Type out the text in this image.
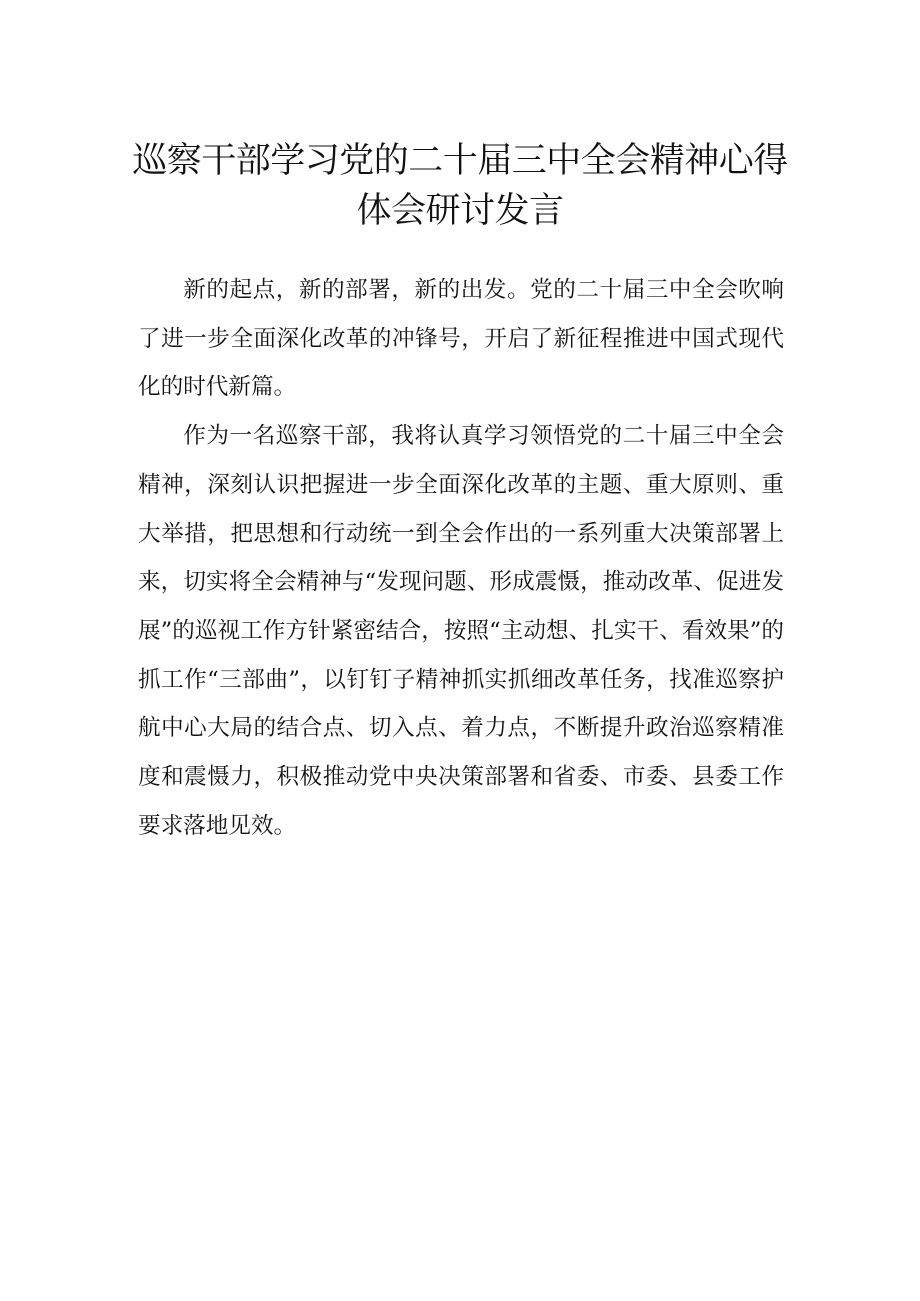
巡察干部学习党的二十届三中全会精神心得体会研讨发言

新的起点，新的部署，新的出发。党的二十届三中全会吹响了进一步全面深化改革的冲锋号，开启了新征程推进中国式现代化的时代新篇。

作为一名巡察干部，我将认真学习领悟党的二十届三中全会精神，深刻认识把握进一步全面深化改革的主题、重大原则、重大举措，把思想和行动统一到全会作出的一系列重大决策部署上来，切实将全会精神与“发现问题、形成震慑，推动改革、促进发展”的巡视工作方针紧密结合，按照“主动想、扎实干、看效果”的抓工作“三部曲”，以钉钉子精神抓实抓细改革任务，找准巡察护航中心大局的结合点、切入点、着力点，不断提升政治巡察精准度和震慑力，积极推动党中央决策部署和省委、市委、县委工作要求落地见效。
